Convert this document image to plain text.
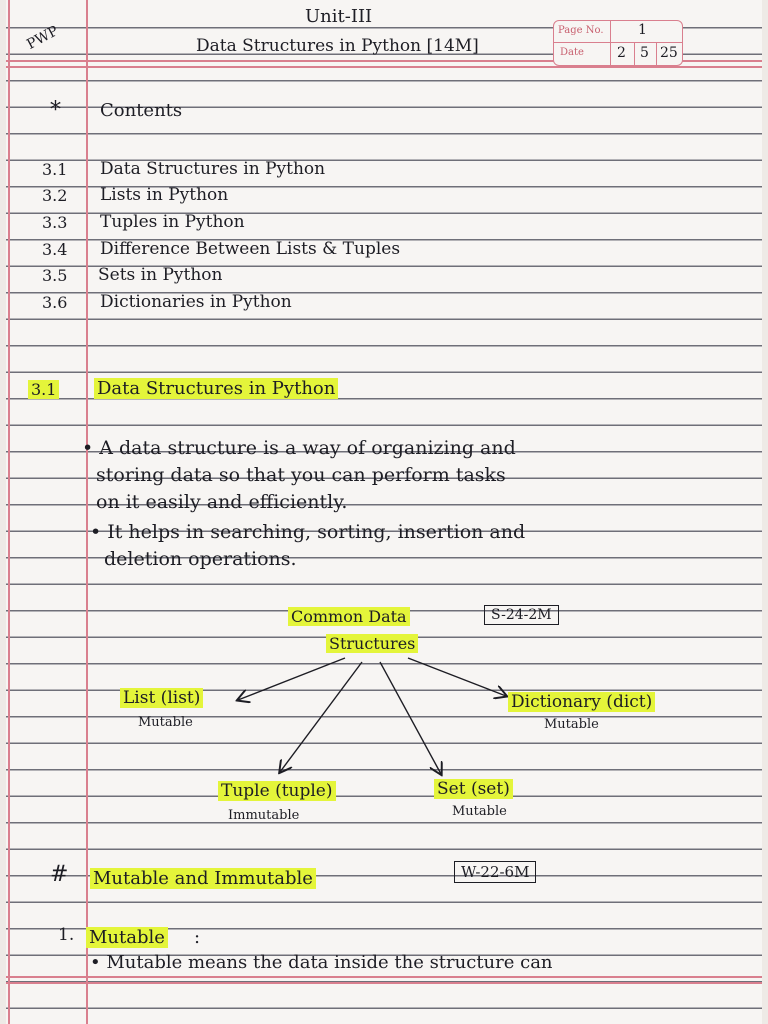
PWP
Unit-III
Data Structures in Python [14M]
Page No. 1
Date 2 5 25
* Contents
3.1 Data Structures in Python
3.2 Lists in Python
3.3 Tuples in Python
3.4 Difference Between Lists & Tuples
3.5 Sets in Python
3.6 Dictionaries in Python
3.1 Data Structures in Python
• A data structure is a way of organizing and
storing data so that you can perform tasks
on it easily and efficiently.
• It helps in searching, sorting, insertion and
deletion operations.
Common Data
Structures
S-24-2M
List (list)
Mutable
Dictionary (dict)
Mutable
Tuple (tuple)
Immutable
Set (set)
Mutable
# Mutable and Immutable	W-22-6M
1. Mutable :
• Mutable means the data inside the structure can
